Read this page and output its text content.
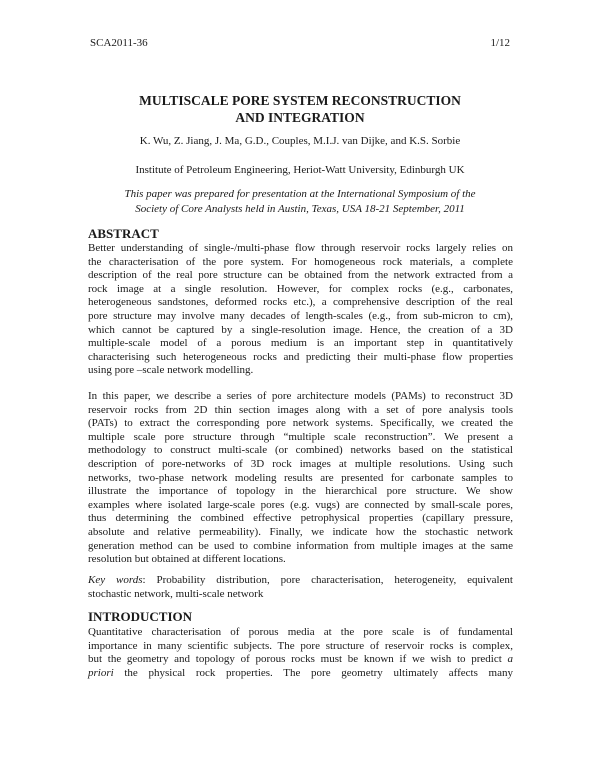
SCA2011-36	1/12
MULTISCALE PORE SYSTEM RECONSTRUCTION
AND INTEGRATION
K. Wu, Z. Jiang, J. Ma, G.D., Couples, M.I.J. van Dijke, and K.S. Sorbie
Institute of Petroleum Engineering, Heriot-Watt University, Edinburgh UK
This paper was prepared for presentation at the International Symposium of the
Society of Core Analysts held in Austin, Texas, USA 18-21 September, 2011
ABSTRACT
Better understanding of single-/multi-phase flow through reservoir rocks largely relies on
the characterisation of the pore system. For homogeneous rock materials, a complete
description of the real pore structure can be obtained from the network extracted from a
rock image at a single resolution. However, for complex rocks (e.g., carbonates,
heterogeneous sandstones, deformed rocks etc.), a comprehensive description of the real
pore structure may involve many decades of length-scales (e.g., from sub-micron to cm),
which cannot be captured by a single-resolution image. Hence, the creation of a 3D
multiple-scale model of a porous medium is an important step in quantitatively
characterising such heterogeneous rocks and predicting their multi-phase flow properties
using pore –scale network modelling.
In this paper, we describe a series of pore architecture models (PAMs) to reconstruct 3D
reservoir rocks from 2D thin section images along with a set of pore analysis tools
(PATs) to extract the corresponding pore network systems. Specifically, we created the
multiple scale pore structure through “multiple scale reconstruction”. We present a
methodology to construct multi-scale (or combined) networks based on the statistical
description of pore-networks of 3D rock images at multiple resolutions. Using such
networks, two-phase network modeling results are presented for carbonate samples to
illustrate the importance of topology in the hierarchical pore structure. We show
examples where isolated large-scale pores (e.g. vugs) are connected by small-scale pores,
thus determining the combined effective petrophysical properties (capillary pressure,
absolute and relative permeability). Finally, we indicate how the stochastic network
generation method can be used to combine information from multiple images at the same
resolution but obtained at different locations.
Key words: Probability distribution, pore characterisation, heterogeneity, equivalent
stochastic network, multi-scale network
INTRODUCTION
Quantitative characterisation of porous media at the pore scale is of fundamental
importance in many scientific subjects. The pore structure of reservoir rocks is complex,
but the geometry and topology of porous rocks must be known if we wish to predict a
priori the physical rock properties. The pore geometry ultimately affects many
